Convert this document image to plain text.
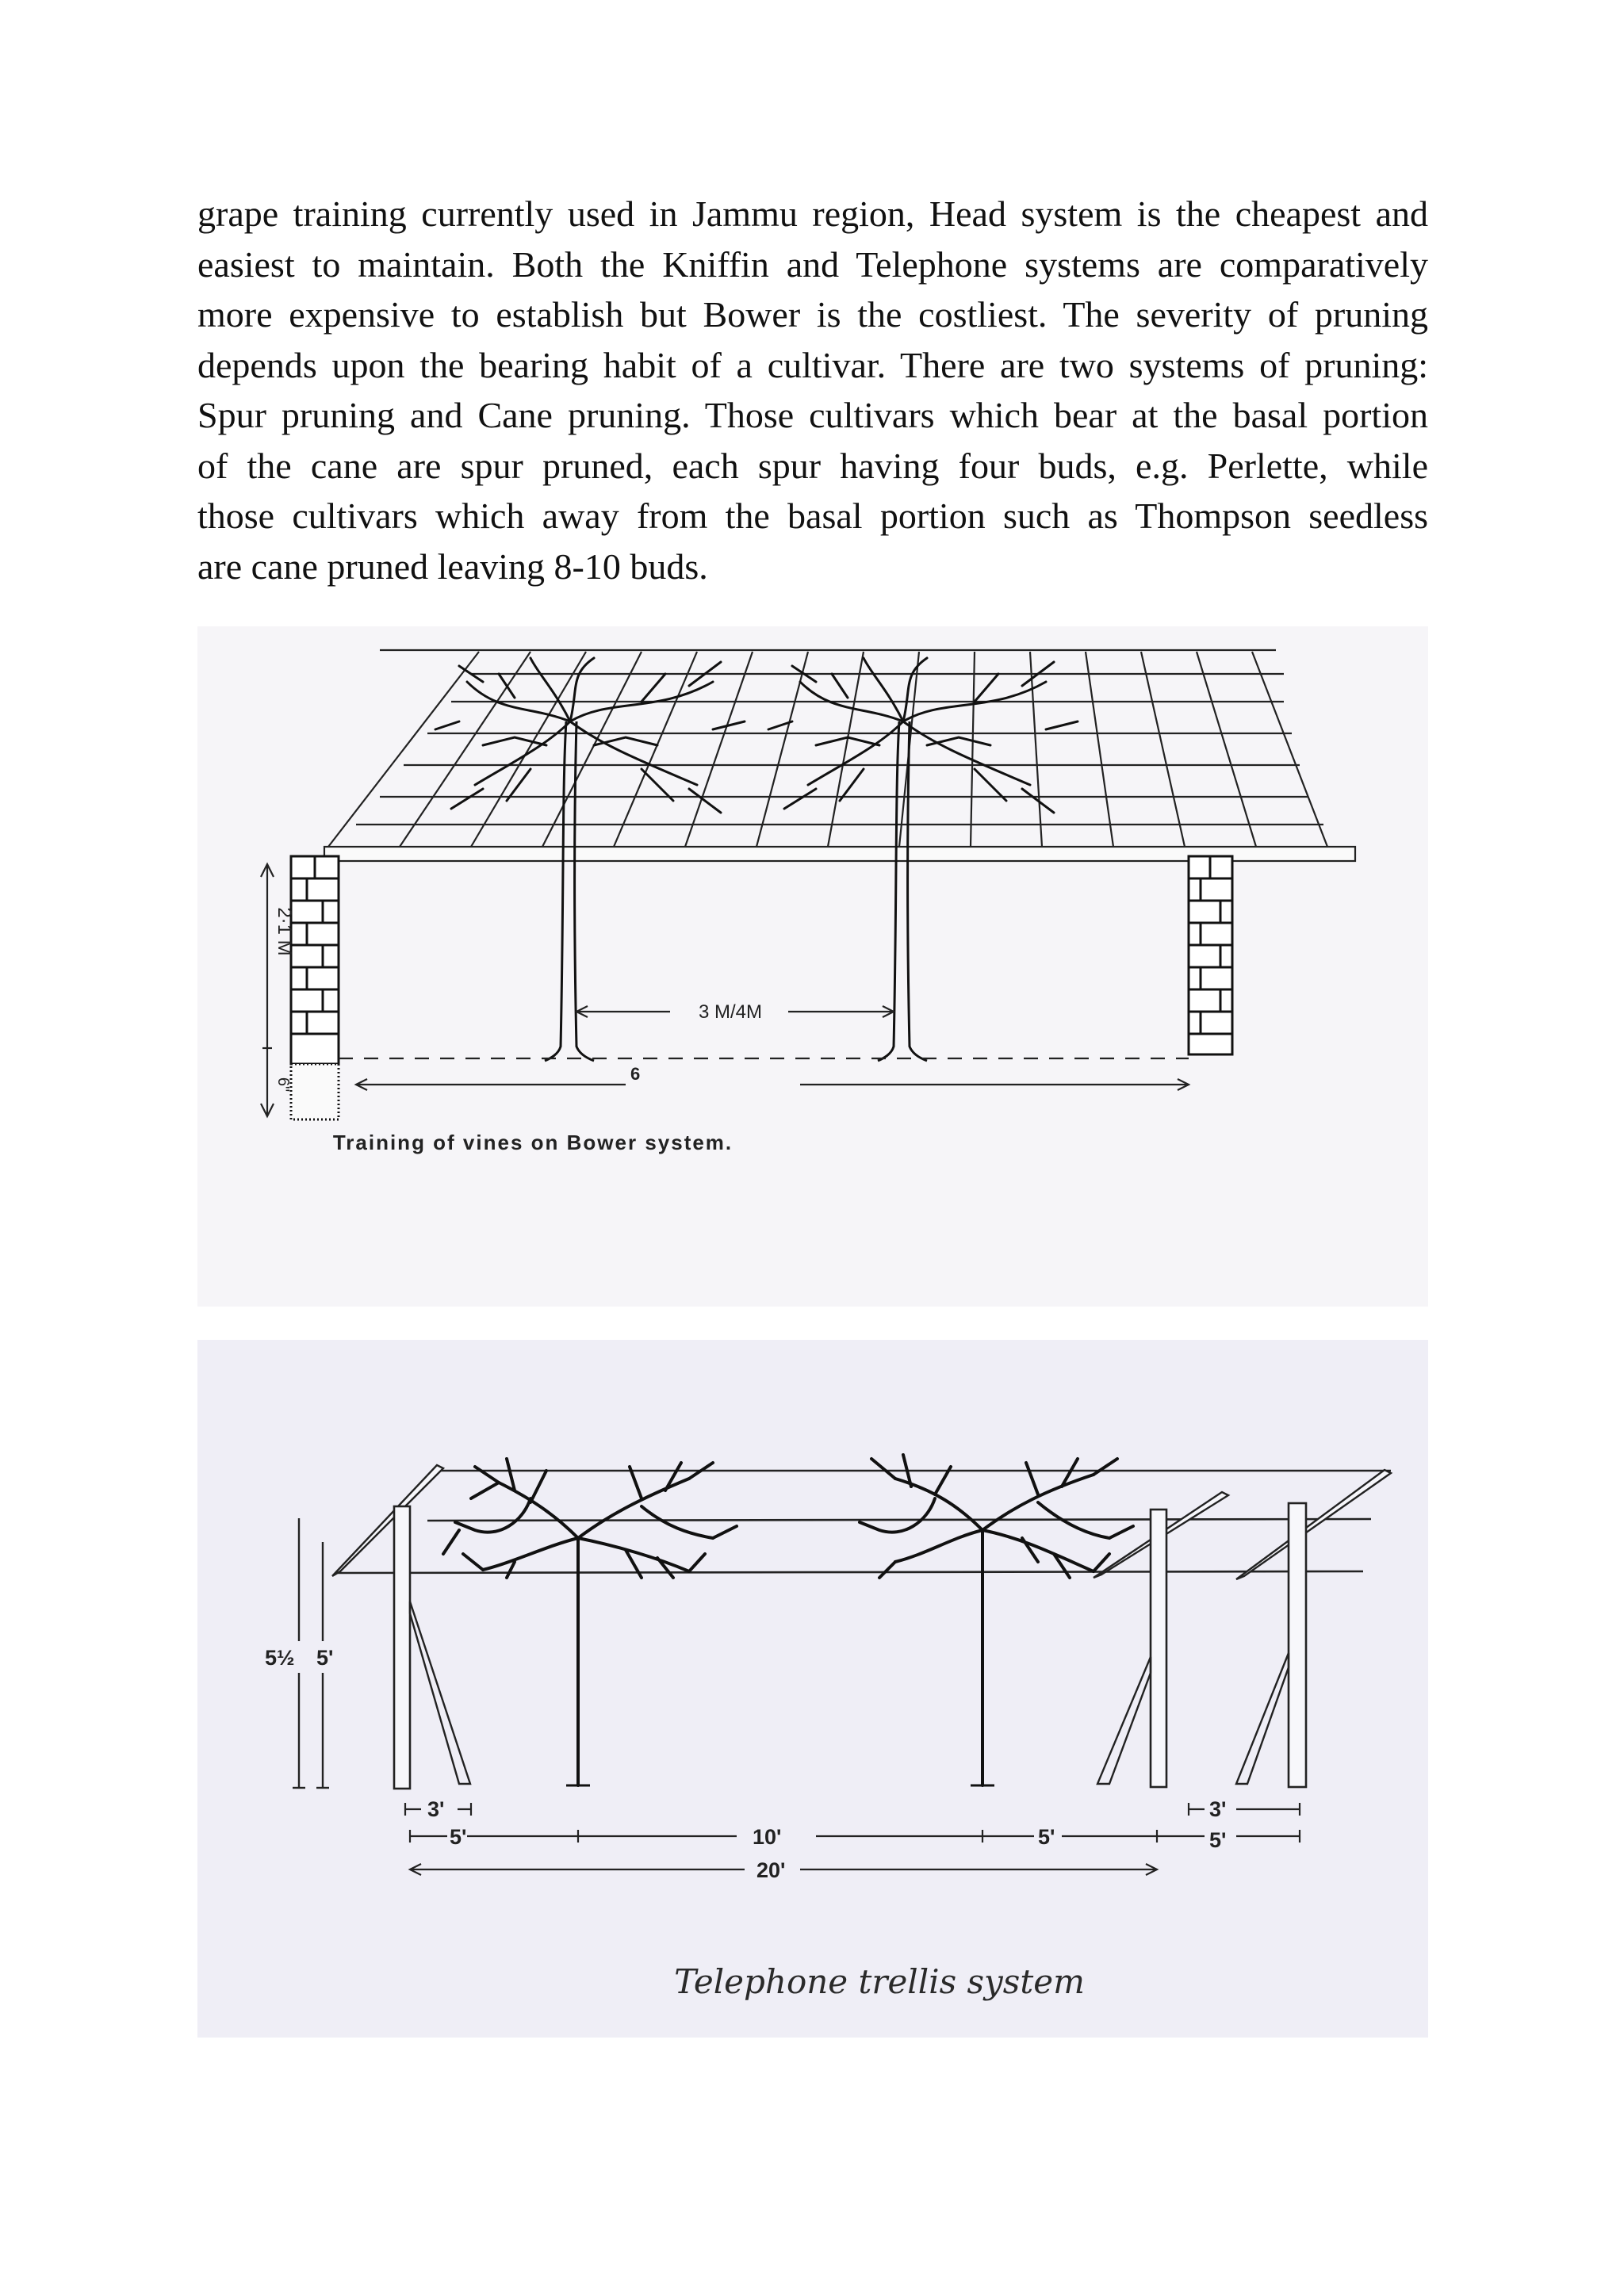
grape training currently used in Jammu region, Head system is the cheapest and
easiest to maintain. Both the Kniffin and Telephone systems are comparatively
more expensive to establish but Bower is the costliest. The severity of pruning
depends upon the bearing habit of a cultivar. There are two systems of pruning:
Spur pruning and Cane pruning. Those cultivars which bear at the basal portion
of the cane are spur pruned, each spur having four buds, e.g. Perlette, while
those cultivars which away from the basal portion such as Thompson seedless
are cane pruned leaving 8-10 buds.
2·1 M
6"
3 M/4M
6
Training of vines on Bower system.
5½ 5'
3'
5'	10'	5'
3'
5'
20'
Telephone trellis system
